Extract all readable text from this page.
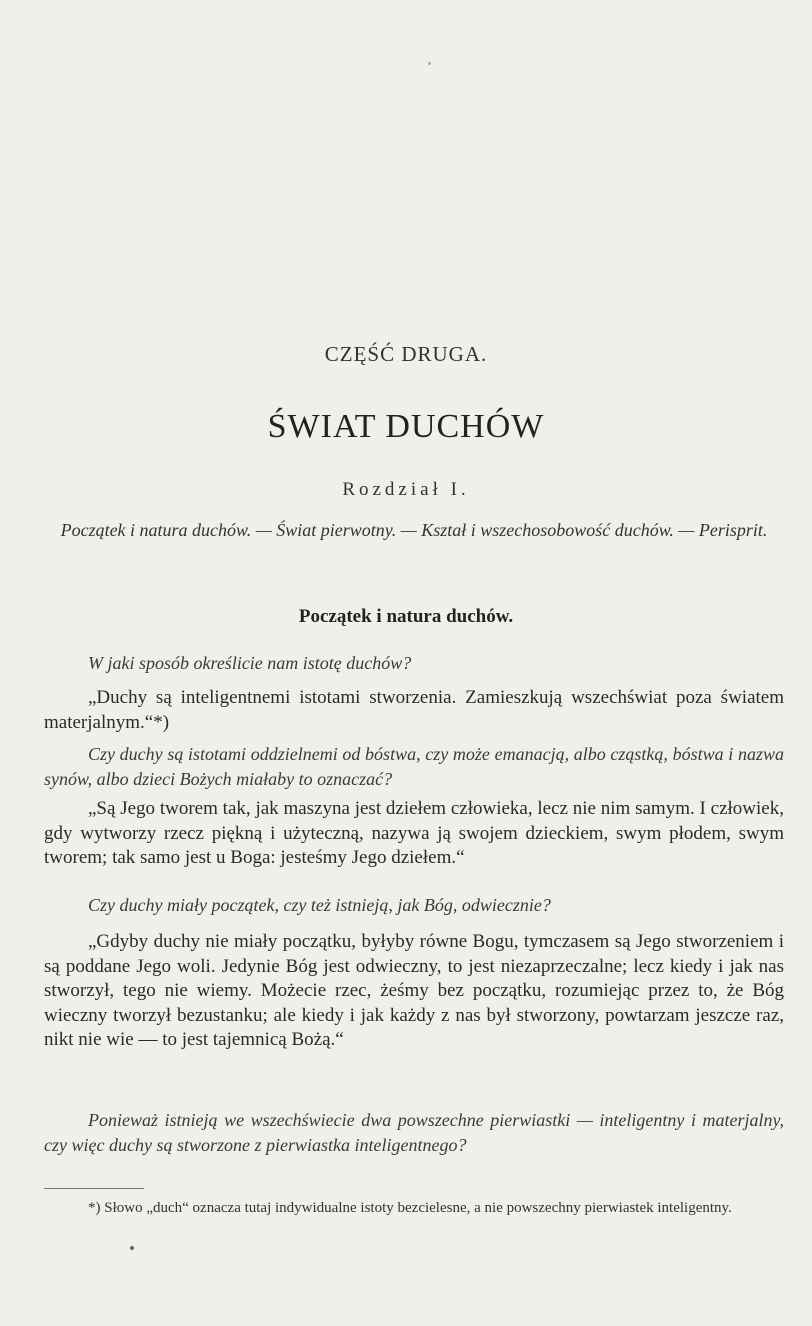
CZĘŚĆ DRUGA.
ŚWIAT DUCHÓW
Rozdział I.
Początek i natura duchów. — Świat pierwotny. — Kształ i wszechosobowość duchów. — Perisprit.
Początek i natura duchów.

W jaki sposób określicie nam istotę duchów?

„Duchy są inteligentnemi istotami stworzenia. Zamieszkują wszechświat poza światem materjalnym.“*)

Czy duchy są istotami oddzielnemi od bóstwa, czy może emanacją, albo cząstką, bóstwa i nazwa synów, albo dzieci Bożych miałaby to oznaczać?

„Są Jego tworem tak, jak maszyna jest dziełem człowieka, lecz nie nim samym. I człowiek, gdy wytworzy rzecz piękną i użyteczną, nazywa ją swojem dzieckiem, swym płodem, swym tworem; tak samo jest u Boga: jesteśmy Jego dziełem.“

Czy duchy miały początek, czy też istnieją, jak Bóg, odwiecznie?

„Gdyby duchy nie miały początku, byłyby równe Bogu, tymczasem są Jego stworzeniem i są poddane Jego woli. Jedynie Bóg jest odwieczny, to jest niezaprzeczalne; lecz kiedy i jak nas stworzył, tego nie wiemy. Możecie rzec, żeśmy bez początku, rozumiejąc przez to, że Bóg wieczny tworzył bezustanku; ale kiedy i jak każdy z nas był stworzony, powtarzam jeszcze raz, nikt nie wie — to jest tajemnicą Bożą.“

Ponieważ istnieją we wszechświecie dwa powszechne pierwiastki — inteligentny i materjalny, czy więc duchy są stworzone z pierwiastka inteligentnego?

*) Słowo „duch“ oznacza tutaj indywidualne istoty bezcielesne, a nie powszechny pierwiastek inteligentny.
